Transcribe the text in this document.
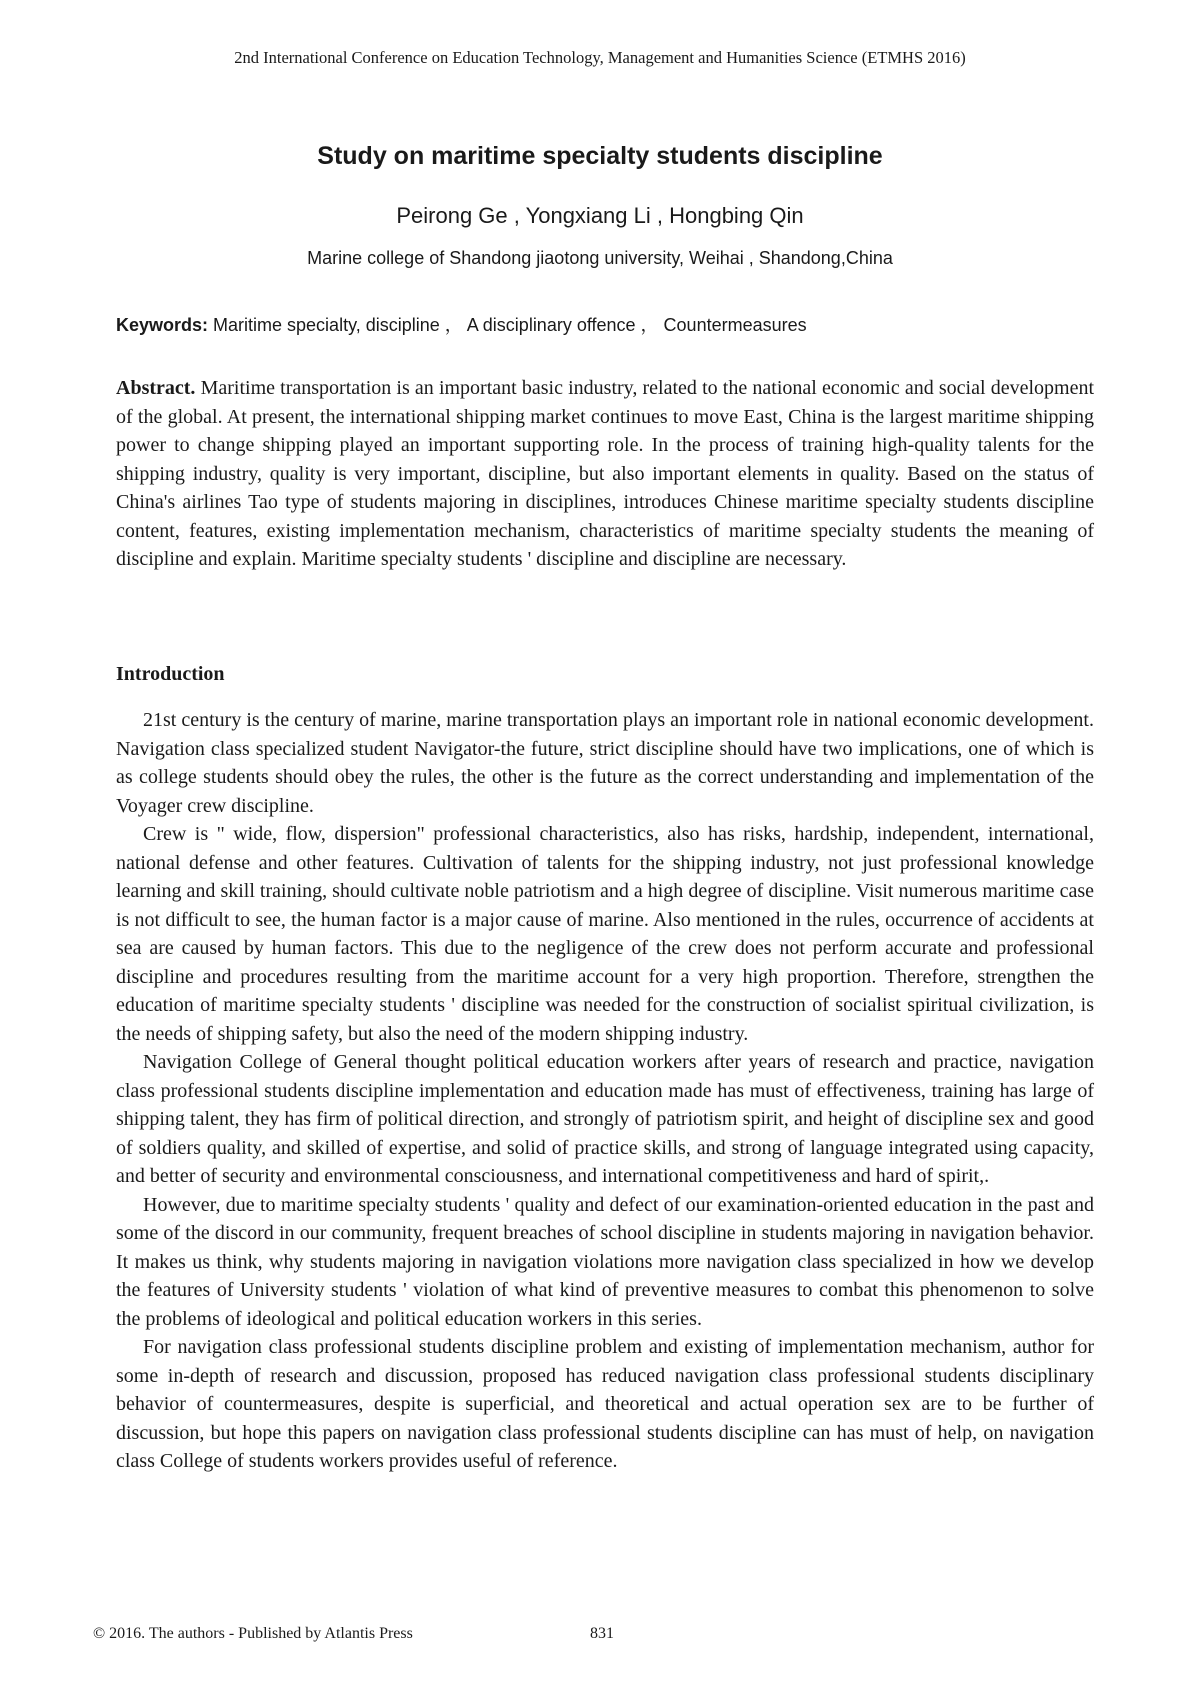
2nd International Conference on Education Technology, Management and Humanities Science (ETMHS 2016)
Study on maritime specialty students discipline
Peirong Ge , Yongxiang Li , Hongbing Qin
Marine college of Shandong jiaotong university, Weihai , Shandong,China
Keywords: Maritime specialty, discipline ， A disciplinary offence ， Countermeasures
Abstract. Maritime transportation is an important basic industry, related to the national economic and social development of the global. At present, the international shipping market continues to move East, China is the largest maritime shipping power to change shipping played an important supporting role. In the process of training high-quality talents for the shipping industry, quality is very important, discipline, but also important elements in quality. Based on the status of China's airlines Tao type of students majoring in disciplines, introduces Chinese maritime specialty students discipline content, features, existing implementation mechanism, characteristics of maritime specialty students the meaning of discipline and explain. Maritime specialty students ' discipline and discipline are necessary.
Introduction

21st century is the century of marine, marine transportation plays an important role in national economic development. Navigation class specialized student Navigator-the future, strict discipline should have two implications, one of which is as college students should obey the rules, the other is the future as the correct understanding and implementation of the Voyager crew discipline.

Crew is " wide, flow, dispersion" professional characteristics, also has risks, hardship, independent, international, national defense and other features. Cultivation of talents for the shipping industry, not just professional knowledge learning and skill training, should cultivate noble patriotism and a high degree of discipline. Visit numerous maritime case is not difficult to see, the human factor is a major cause of marine. Also mentioned in the rules, occurrence of accidents at sea are caused by human factors. This due to the negligence of the crew does not perform accurate and professional discipline and procedures resulting from the maritime account for a very high proportion. Therefore, strengthen the education of maritime specialty students ' discipline was needed for the construction of socialist spiritual civilization, is the needs of shipping safety, but also the need of the modern shipping industry.

Navigation College of General thought political education workers after years of research and practice, navigation class professional students discipline implementation and education made has must of effectiveness, training has large of shipping talent, they has firm of political direction, and strongly of patriotism spirit, and height of discipline sex and good of soldiers quality, and skilled of expertise, and solid of practice skills, and strong of language integrated using capacity, and better of security and environmental consciousness, and international competitiveness and hard of spirit,.

However, due to maritime specialty students ' quality and defect of our examination-oriented education in the past and some of the discord in our community, frequent breaches of school discipline in students majoring in navigation behavior. It makes us think, why students majoring in navigation violations more navigation class specialized in how we develop the features of University students ' violation of what kind of preventive measures to combat this phenomenon to solve the problems of ideological and political education workers in this series.

For navigation class professional students discipline problem and existing of implementation mechanism, author for some in-depth of research and discussion, proposed has reduced navigation class professional students disciplinary behavior of countermeasures, despite is superficial, and theoretical and actual operation sex are to be further of discussion, but hope this papers on navigation class professional students discipline can has must of help, on navigation class College of students workers provides useful of reference.

© 2016. The authors - Published by Atlantis Press	831
